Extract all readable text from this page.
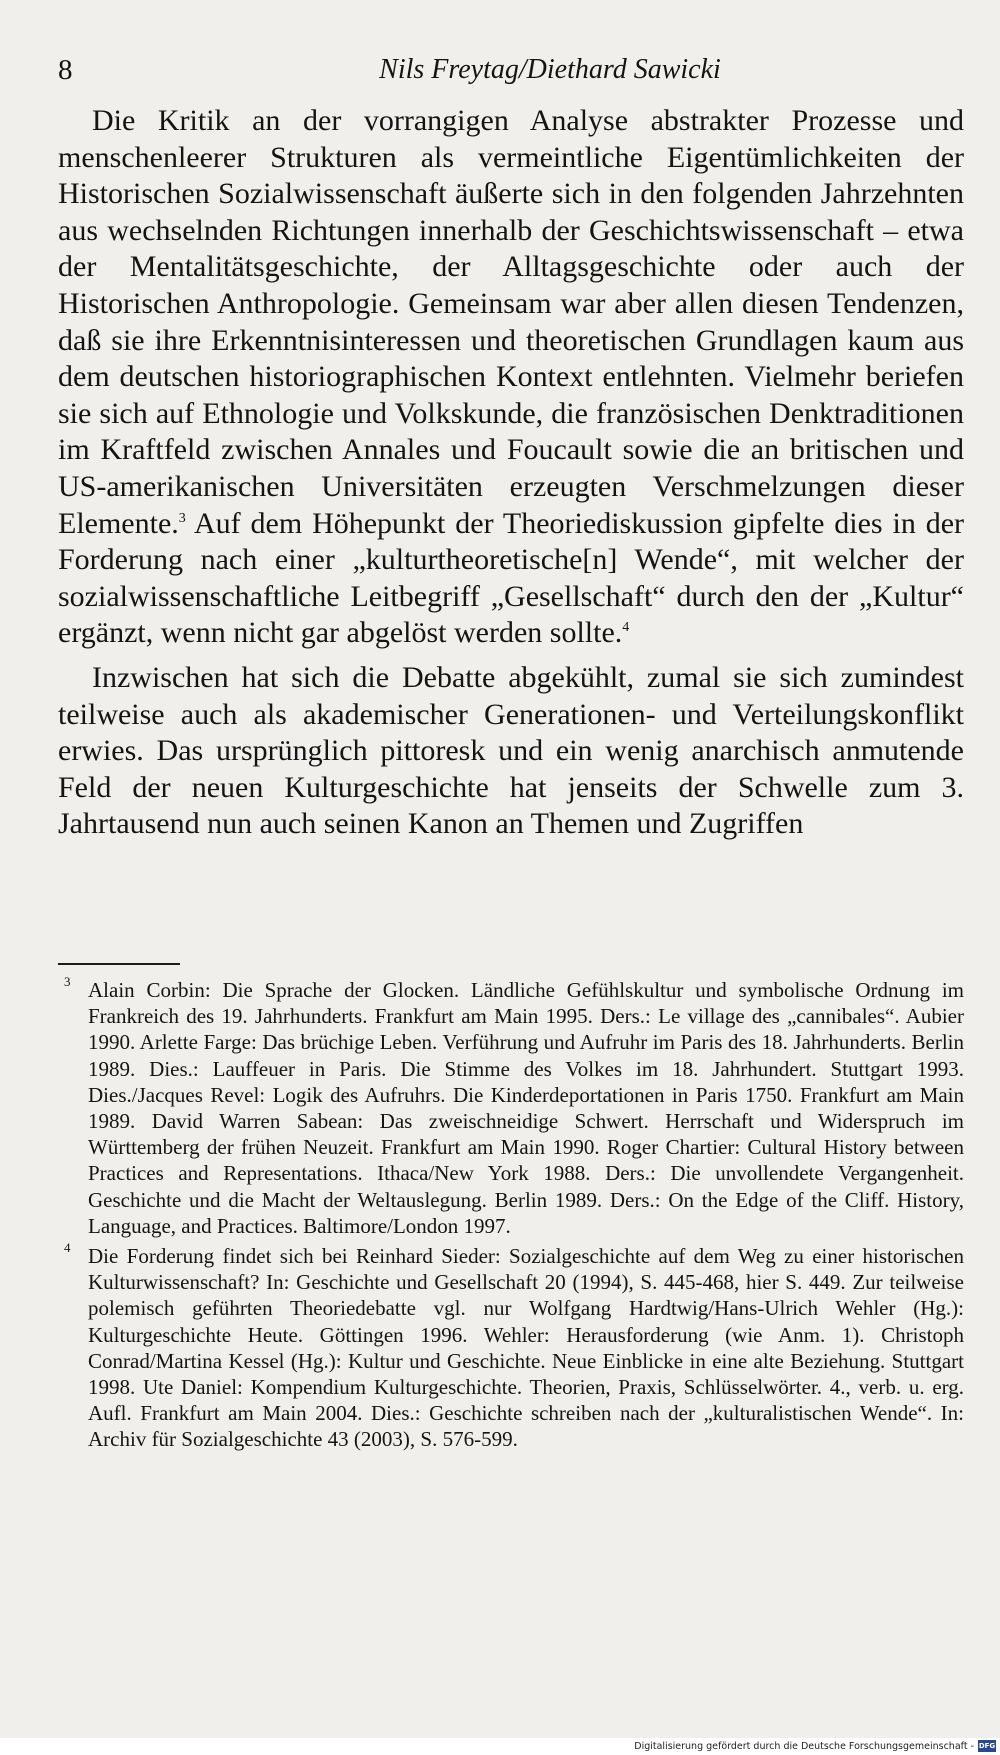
8	Nils Freytag/Diethard Sawicki

Die Kritik an der vorrangigen Analyse abstrakter Prozesse und menschenleerer Strukturen als vermeintliche Eigentümlichkeiten der Historischen Sozialwissenschaft äußerte sich in den folgenden Jahrzehnten aus wechselnden Richtungen innerhalb der Geschichtswissenschaft – etwa der Mentalitätsgeschichte, der Alltagsgeschichte oder auch der Historischen Anthropologie. Gemeinsam war aber allen diesen Tendenzen, daß sie ihre Erkenntnisinteressen und theoretischen Grundlagen kaum aus dem deutschen historiographischen Kontext entlehnten. Vielmehr beriefen sie sich auf Ethnologie und Volkskunde, die französischen Denktraditionen im Kraftfeld zwischen Annales und Foucault sowie die an britischen und US-amerikanischen Universitäten erzeugten Verschmelzungen dieser Elemente.$^3$ Auf dem Höhepunkt der Theoriediskussion gipfelte dies in der Forderung nach einer „kulturtheoretische[n] Wende“, mit welcher der sozialwissenschaftliche Leitbegriff „Gesellschaft“ durch den der „Kultur“ ergänzt, wenn nicht gar abgelöst werden sollte.$^4$

Inzwischen hat sich die Debatte abgekühlt, zumal sie sich zumindest teilweise auch als akademischer Generationen- und Verteilungskonflikt erwies. Das ursprünglich pittoresk und ein wenig anarchisch anmutende Feld der neuen Kulturgeschichte hat jenseits der Schwelle zum 3. Jahrtausend nun auch seinen Kanon an Themen und Zugriffen

3 Alain Corbin: Die Sprache der Glocken. Ländliche Gefühlskultur und symbolische Ordnung im Frankreich des 19. Jahrhunderts. Frankfurt am Main 1995. Ders.: Le village des „cannibales“. Aubier 1990. Arlette Farge: Das brüchige Leben. Verführung und Aufruhr im Paris des 18. Jahrhunderts. Berlin 1989. Dies.: Lauffeuer in Paris. Die Stimme des Volkes im 18. Jahrhundert. Stuttgart 1993. Dies./Jacques Revel: Logik des Aufruhrs. Die Kinderdeportationen in Paris 1750. Frankfurt am Main 1989. David Warren Sabean: Das zweischneidige Schwert. Herrschaft und Widerspruch im Württemberg der frühen Neuzeit. Frankfurt am Main 1990. Roger Chartier: Cultural History between Practices and Representations. Ithaca/New York 1988. Ders.: Die unvollendete Vergangenheit. Geschichte und die Macht der Weltauslegung. Berlin 1989. Ders.: On the Edge of the Cliff. History, Language, and Practices. Baltimore/London 1997.
4 Die Forderung findet sich bei Reinhard Sieder: Sozialgeschichte auf dem Weg zu einer historischen Kulturwissenschaft? In: Geschichte und Gesellschaft 20 (1994), S. 445-468, hier S. 449. Zur teilweise polemisch geführten Theoriedebatte vgl. nur Wolfgang Hardtwig/Hans-Ulrich Wehler (Hg.): Kulturgeschichte Heute. Göttingen 1996. Wehler: Herausforderung (wie Anm. 1). Christoph Conrad/Martina Kessel (Hg.): Kultur und Geschichte. Neue Einblicke in eine alte Beziehung. Stuttgart 1998. Ute Daniel: Kompendium Kulturgeschichte. Theorien, Praxis, Schlüsselwörter. 4., verb. u. erg. Aufl. Frankfurt am Main 2004. Dies.: Geschichte schreiben nach der „kulturalistischen Wende“. In: Archiv für Sozialgeschichte 43 (2003), S. 576-599.
Digitalisierung gefördert durch die Deutsche Forschungsgemeinschaft - DFG
